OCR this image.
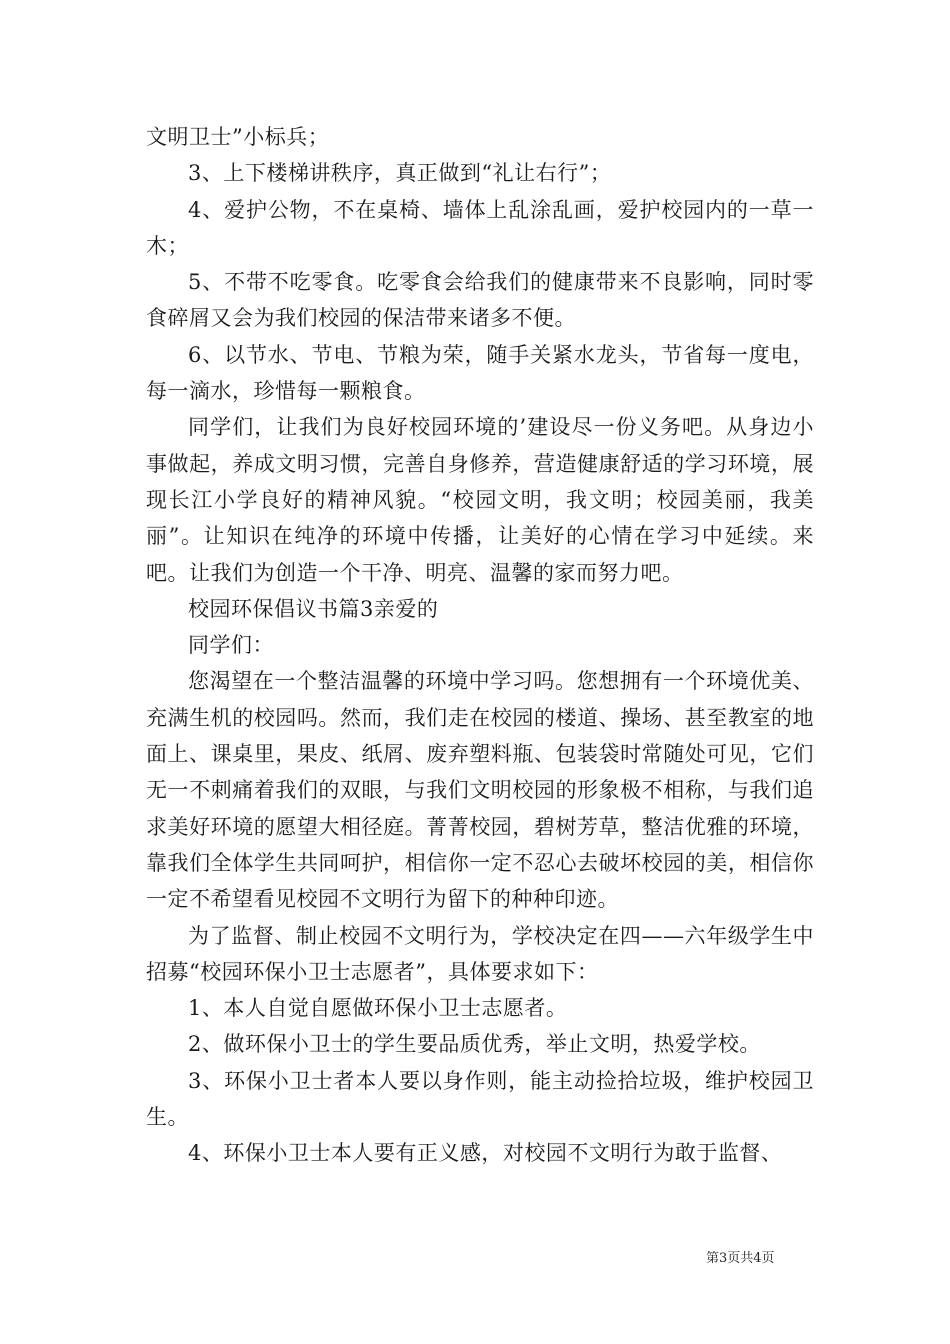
文明卫士”小标兵；

3、上下楼梯讲秩序，真正做到“礼让右行”；

4、爱护公物，不在桌椅、墙体上乱涂乱画，爱护校园内的一草一木；

5、不带不吃零食。吃零食会给我们的健康带来不良影响，同时零食碎屑又会为我们校园的保洁带来诸多不便。

6、以节水、节电、节粮为荣，随手关紧水龙头，节省每一度电，每一滴水，珍惜每一颗粮食。

同学们，让我们为良好校园环境的’建设尽一份义务吧。从身边小事做起，养成文明习惯，完善自身修养，营造健康舒适的学习环境，展现长江小学良好的精神风貌。“校园文明，我文明；校园美丽，我美丽”。让知识在纯净的环境中传播，让美好的心情在学习中延续。来吧。让我们为创造一个干净、明亮、温馨的家而努力吧。

校园环保倡议书篇3亲爱的

同学们：

您渴望在一个整洁温馨的环境中学习吗。您想拥有一个环境优美、充满生机的校园吗。然而，我们走在校园的楼道、操场、甚至教室的地面上、课桌里，果皮、纸屑、废弃塑料瓶、包装袋时常随处可见，它们无一不刺痛着我们的双眼，与我们文明校园的形象极不相称，与我们追求美好环境的愿望大相径庭。菁菁校园，碧树芳草，整洁优雅的环境，靠我们全体学生共同呵护，相信你一定不忍心去破坏校园的美，相信你一定不希望看见校园不文明行为留下的种种印迹。

为了监督、制止校园不文明行为，学校决定在四——六年级学生中招募“校园环保小卫士志愿者”，具体要求如下：

1、本人自觉自愿做环保小卫士志愿者。

2、做环保小卫士的学生要品质优秀，举止文明，热爱学校。

3、环保小卫士者本人要以身作则，能主动捡拾垃圾，维护校园卫生。

4、环保小卫士本人要有正义感，对校园不文明行为敢于监督、

第3页共4页
